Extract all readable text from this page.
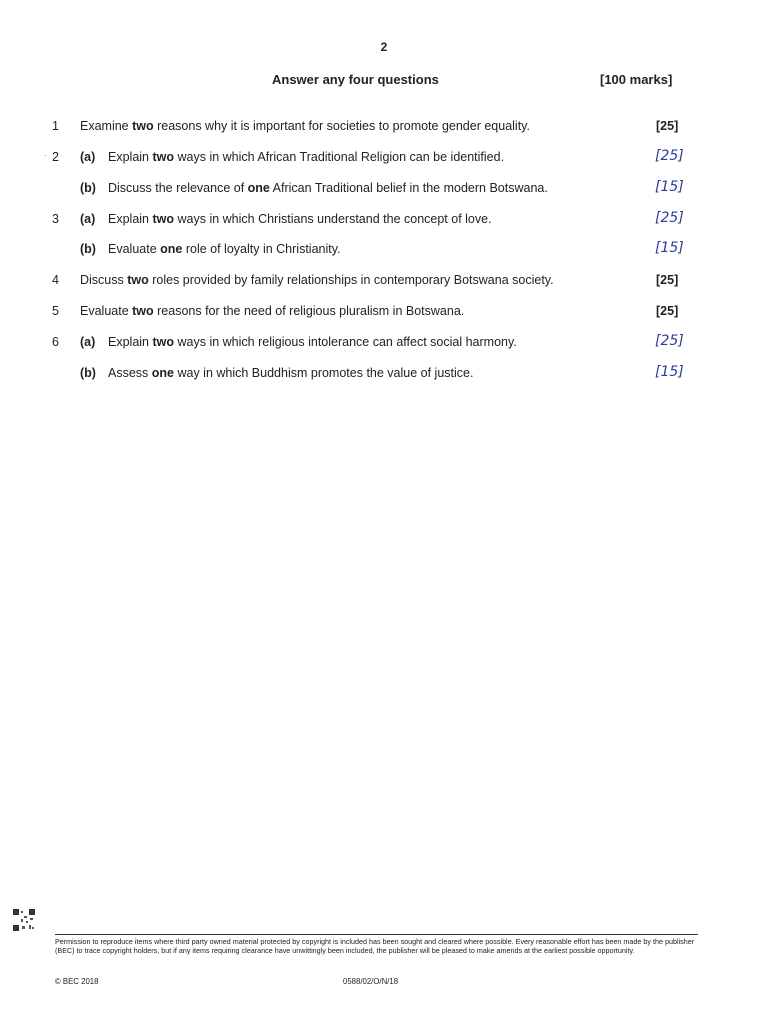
2
Answer any four questions	[100 marks]
·
1 Examine two reasons why it is important for societies to promote gender equality.	[25]
2 (a) Explain two ways in which African Traditional Religion can be identified.	[25]
(b) Discuss the relevance of one African Traditional belief in the modern Botswana.	[15]
3 (a) Explain two ways in which Christians understand the concept of love.	[25]
(b) Evaluate one role of loyalty in Christianity.	[15]
4 Discuss two roles provided by family relationships in contemporary Botswana society.	[25]
5 Evaluate two reasons for the need of religious pluralism in Botswana.	[25]
6 (a) Explain two ways in which religious intolerance can affect social harmony.	[25]
(b) Assess one way in which Buddhism promotes the value of justice.	[15]
Permission to reproduce items where third party owned material protected by copyright is included has been sought and cleared where possible. Every reasonable effort has been made by the publisher (BEC) to trace copyright holders, but if any items requiring clearance have unwittingly been included, the publisher will be pleased to make amends at the earliest possible opportunity.
© BEC 2018	0588/02/O/N/18
